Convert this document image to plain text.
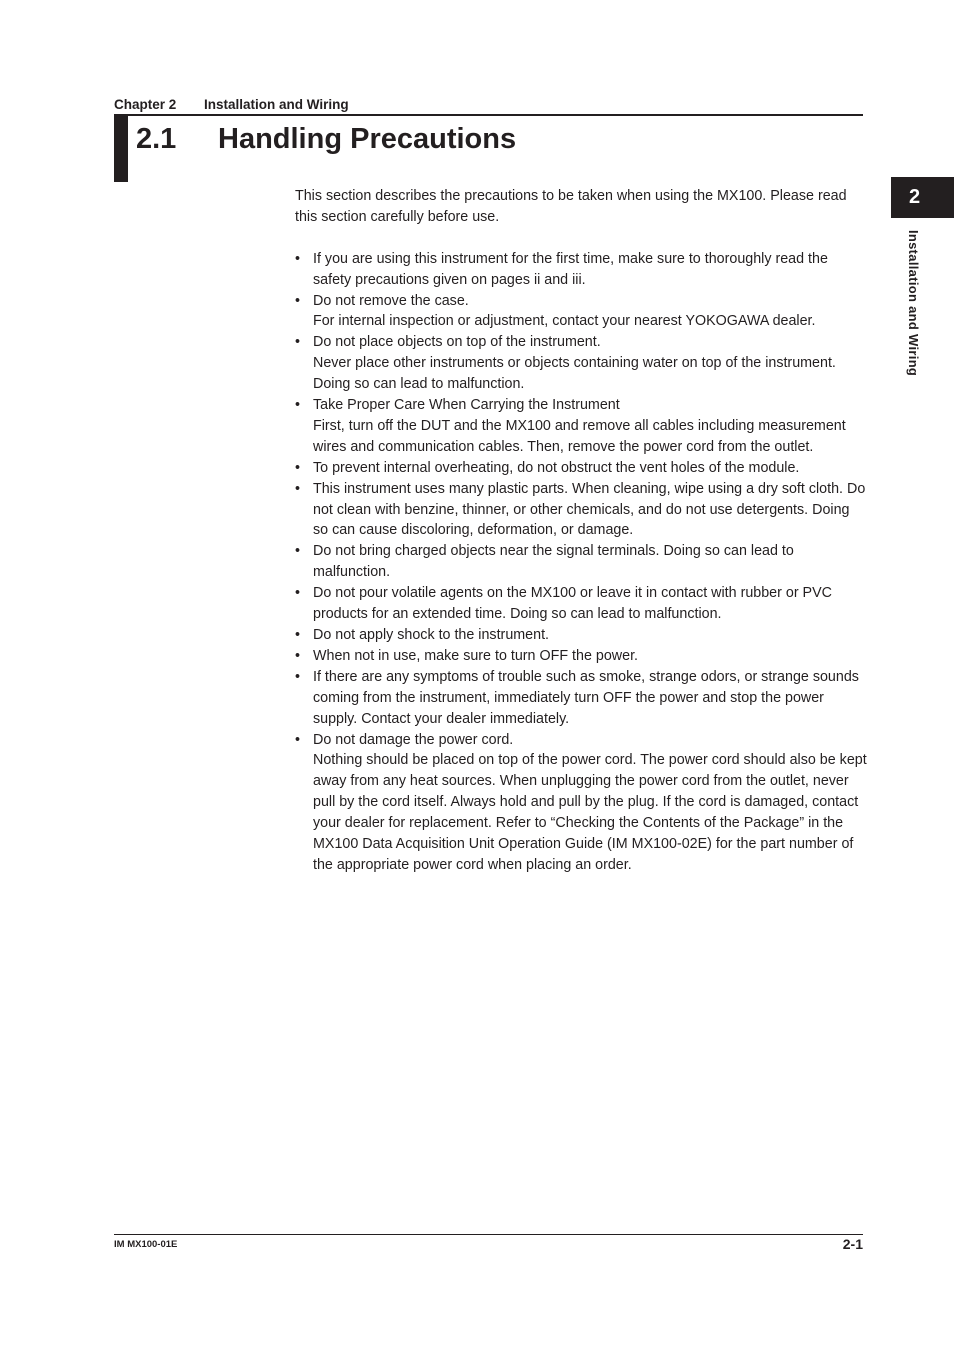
Chapter 2 Installation and Wiring
2.1 Handling Precautions
2
Installation and Wiring

This section describes the precautions to be taken when using the MX100. Please read this section carefully before use.

• If you are using this instrument for the first time, make sure to thoroughly read the safety precautions given on pages ii and iii.
• Do not remove the case.
For internal inspection or adjustment, contact your nearest YOKOGAWA dealer.
• Do not place objects on top of the instrument.
Never place other instruments or objects containing water on top of the instrument. Doing so can lead to malfunction.
• Take Proper Care When Carrying the Instrument
First, turn off the DUT and the MX100 and remove all cables including measurement wires and communication cables. Then, remove the power cord from the outlet.
• To prevent internal overheating, do not obstruct the vent holes of the module.
• This instrument uses many plastic parts. When cleaning, wipe using a dry soft cloth. Do not clean with benzine, thinner, or other chemicals, and do not use detergents. Doing so can cause discoloring, deformation, or damage.
• Do not bring charged objects near the signal terminals. Doing so can lead to malfunction.
• Do not pour volatile agents on the MX100 or leave it in contact with rubber or PVC products for an extended time. Doing so can lead to malfunction.
• Do not apply shock to the instrument.
• When not in use, make sure to turn OFF the power.
• If there are any symptoms of trouble such as smoke, strange odors, or strange sounds coming from the instrument, immediately turn OFF the power and stop the power supply. Contact your dealer immediately.
• Do not damage the power cord.
Nothing should be placed on top of the power cord. The power cord should also be kept away from any heat sources. When unplugging the power cord from the outlet, never pull by the cord itself. Always hold and pull by the plug. If the cord is damaged, contact your dealer for replacement. Refer to “Checking the Contents of the Package” in the MX100 Data Acquisition Unit Operation Guide (IM MX100-02E) for the part number of the appropriate power cord when placing an order.
IM MX100-01E	2-1
